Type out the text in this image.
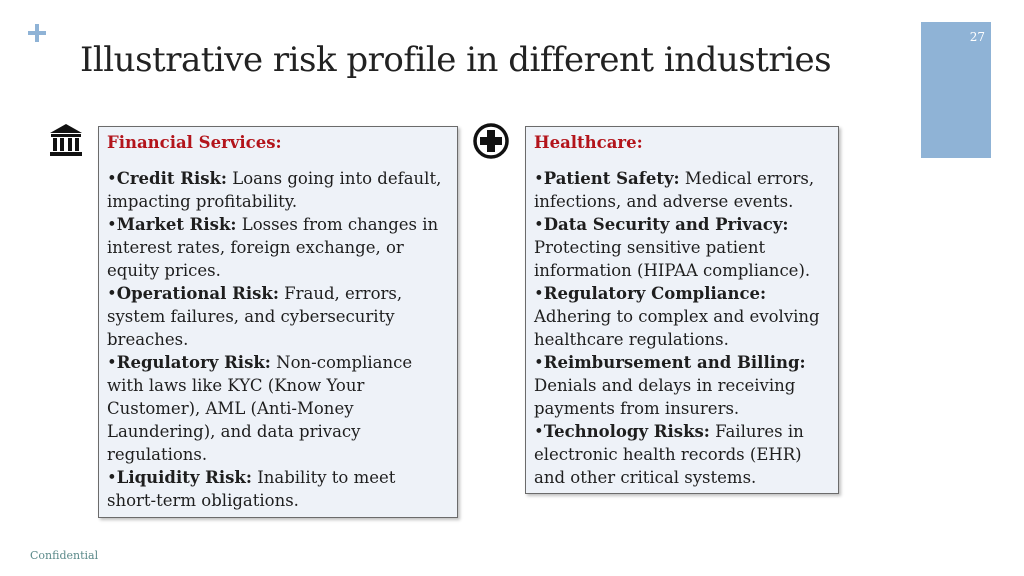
Illustrative risk profile in different industries
27
Financial Services:

•Credit Risk: Loans going into default, impacting profitability.

•Market Risk: Losses from changes in interest rates, foreign exchange, or equity prices.

•Operational Risk: Fraud, errors, system failures, and cybersecurity breaches.

•Regulatory Risk: Non-compliance with laws like KYC (Know Your Customer), AML (Anti-Money Laundering), and data privacy regulations.

•Liquidity Risk: Inability to meet short-term obligations.

Healthcare:

•Patient Safety: Medical errors, infections, and adverse events.

•Data Security and Privacy: Protecting sensitive patient information (HIPAA compliance).

•Regulatory Compliance: Adhering to complex and evolving healthcare regulations.

•Reimbursement and Billing: Denials and delays in receiving payments from insurers.

•Technology Risks: Failures in electronic health records (EHR) and other critical systems.

Confidential
